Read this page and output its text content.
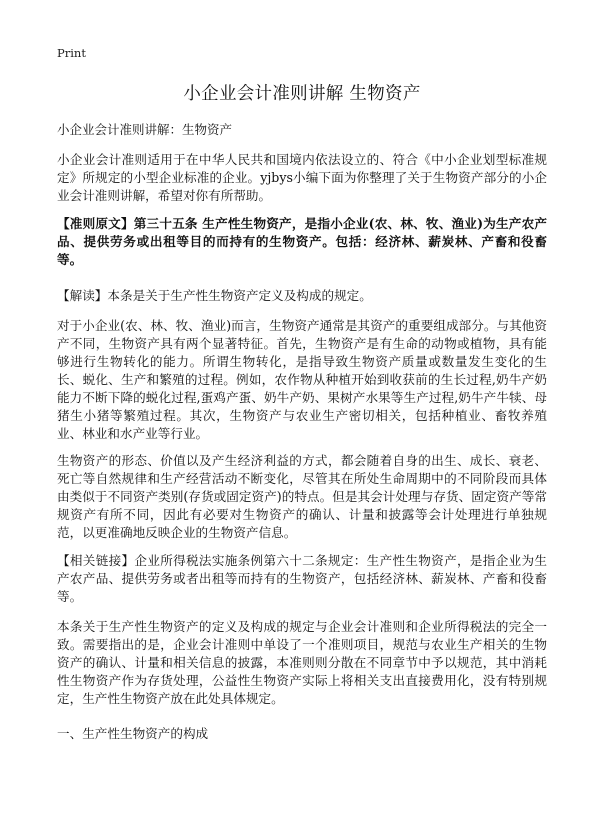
Print
小企业会计准则讲解 生物资产
小企业会计准则讲解：生物资产

小企业会计准则适用于在中华人民共和国境内依法设立的、符合《中小企业划型标准规定》所规定的小型企业标准的企业。yjbys小编下面为你整理了关于生物资产部分的小企业会计准则讲解，希望对你有所帮助。

【准则原文】第三十五条 生产性生物资产，是指小企业(农、林、牧、渔业)为生产农产品、提供劳务或出租等目的而持有的生物资产。包括：经济林、薪炭林、产畜和役畜等。

【解读】本条是关于生产性生物资产定义及构成的规定。

对于小企业(农、林、牧、渔业)而言，生物资产通常是其资产的重要组成部分。与其他资产不同，生物资产具有两个显著特征。首先，生物资产是有生命的动物或植物，具有能够进行生物转化的能力。所谓生物转化，是指导致生物资产质量或数量发生变化的生长、蜕化、生产和繁殖的过程。例如，农作物从种植开始到收获前的生长过程,奶牛产奶能力不断下降的蜕化过程,蛋鸡产蛋、奶牛产奶、果树产水果等生产过程,奶牛产牛犊、母猪生小猪等繁殖过程。其次，生物资产与农业生产密切相关，包括种植业、畜牧养殖业、林业和水产业等行业。

生物资产的形态、价值以及产生经济利益的方式，都会随着自身的出生、成长、衰老、死亡等自然规律和生产经营活动不断变化，尽管其在所处生命周期中的不同阶段而具体由类似于不同资产类别(存货或固定资产)的特点。但是其会计处理与存货、固定资产等常规资产有所不同，因此有必要对生物资产的确认、计量和披露等会计处理进行单独规范，以更准确地反映企业的生物资产信息。

【相关链接】企业所得税法实施条例第六十二条规定：生产性生物资产，是指企业为生产农产品、提供劳务或者出租等而持有的生物资产，包括经济林、薪炭林、产畜和役畜等。

本条关于生产性生物资产的定义及构成的规定与企业会计准则和企业所得税法的完全一致。需要指出的是，企业会计准则中单设了一个准则项目，规范与农业生产相关的生物资产的确认、计量和相关信息的披露，本准则则分散在不同章节中予以规范，其中消耗性生物资产作为存货处理，公益性生物资产实际上将相关支出直接费用化，没有特别规定，生产性生物资产放在此处具体规定。

一、生产性生物资产的构成
